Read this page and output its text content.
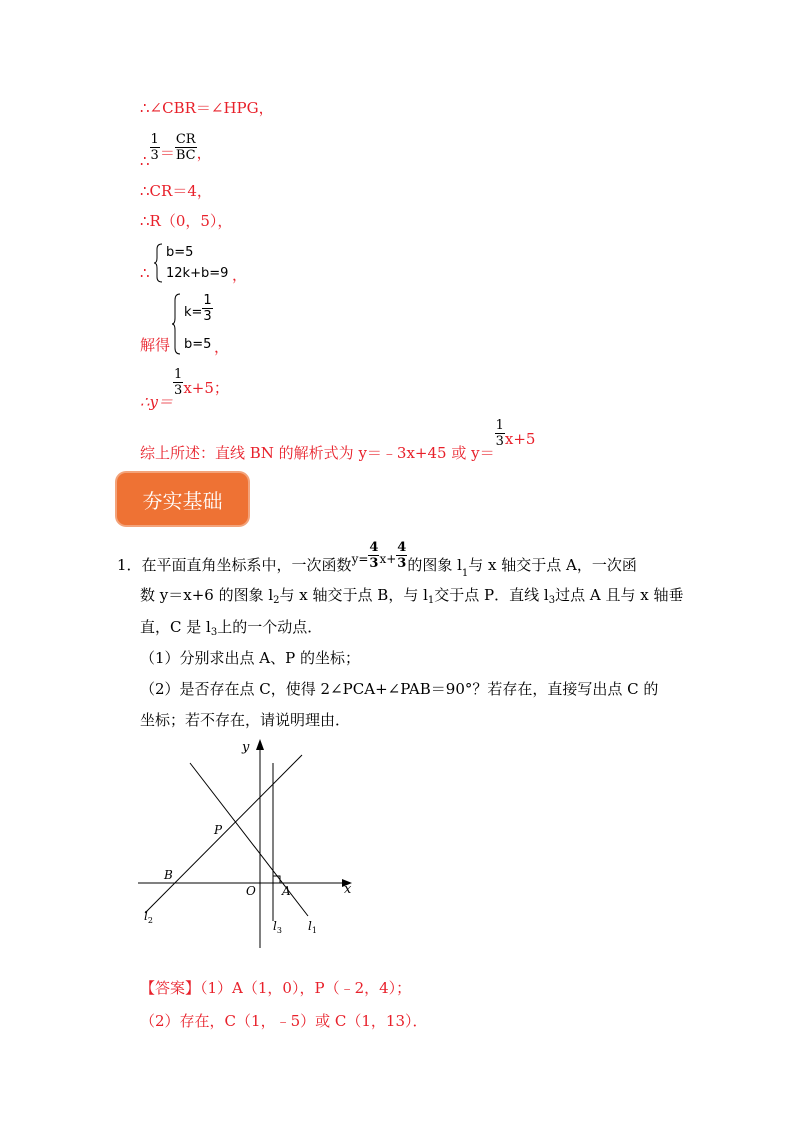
∴∠CBR＝∠HPG，
∴ $\frac{1}{3} = \frac{CR}{BC}$ ，
∴CR＝4，
∴R（0，5），
∴
b=5
12k+b=9 ，
解得
$k= \frac{1}{3}$
b=5 ，
∴y＝
$\frac{1}{3} x+5$；
综上所述：直线 BN 的解析式为 y＝﹣3x+45 或 y＝
$\frac{1}{3} x+5$
夯实基础
1．在平面直角坐标系中，一次函数$_{y=} \frac{4}{3} _{x+} \frac{4}{3}$ 的图象 $l_1$与 x 轴交于点 A，一次函
数 y＝x+6 的图象 $l_2$与 x 轴交于点 B，与 $l_1$交于点 P．直线 $l_3$过点 A 且与 x 轴垂
直，C 是 $l_3$上的一个动点．
（1）分别求出点 A、P 的坐标；
（2）是否存在点 C，使得 2∠PCA+∠PAB＝90°？若存在，直接写出点 C 的
坐标；若不存在，请说明理由．
y
x
P
B
O A
$l_2$	$l_3$ $l_1$
【答案】（1）A（1，0），P（﹣2，4）；
（2）存在，C（1，﹣5）或 C（1，13）．
